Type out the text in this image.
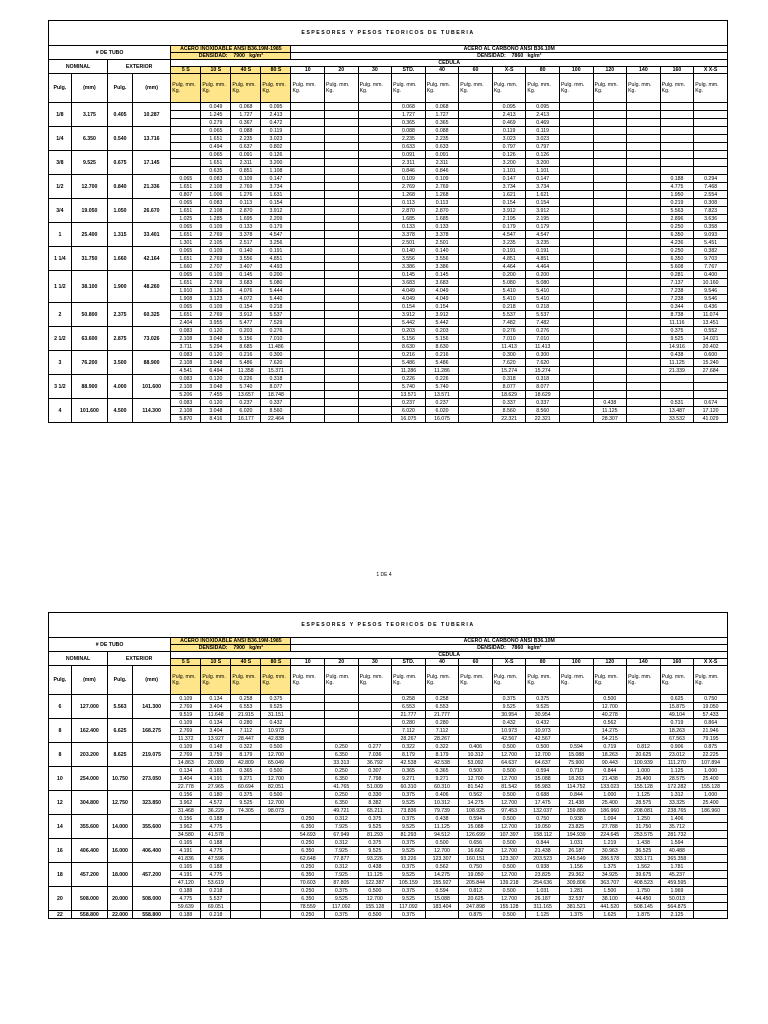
ESPESORES Y PESOS TEORICOS DE TUBERIA																				
# DE TUBO				ACERO INOXIDABLE ANSI B36.19M-1985				ACERO AL CARBONO ANSI B36.10M												
				DENSIDAD: 7900 kg/m³				DENSIDAD: 7860 kg/m³												
NOMINAL		EXTERIOR		CEDULA																
				5 S	10 S	40 S	80 S	10	20	30	STD.	40	60	X-S	80	100	120	140	160	X X-S
Pulg.	(mm)	Pulg.	(mm)	Pulg. mm. Kg.	Pulg. mm. Kg.	Pulg. mm. Kg.	Pulg. mm. Kg.	Pulg. mm. Kg.	Pulg. mm. Kg.	Pulg. mm. Kg.	Pulg. mm. Kg.	Pulg. mm. Kg.	Pulg. mm. Kg.	Pulg. mm. Kg.	Pulg. mm. Kg.	Pulg. mm. Kg.	Pulg. mm. Kg.	Pulg. mm. Kg.	Pulg. mm. Kg.	Pulg. mm. Kg.
1/8	3.175	0.405	10.287		0.049	0.068	0.095				0.068	0.068		0.095	0.095					
					1.245	1.727	2.413				1.727	1.727		2.413	2.413					
					0.279	0.367	0.472				0.365	0.365		0.469	0.469					
1/4	6.350	0.540	13.716		0.065	0.088	0.119				0.088	0.088		0.119	0.119					
					1.651	2.235	3.023				2.235	2.235		3.023	3.023					
					0.494	0.637	0.802				0.633	0.633		0.797	0.797					
3/8	9.525	0.675	17.145		0.065	0.091	0.126				0.091	0.091		0.126	0.126					
					1.651	2.311	3.200				2.311	2.311		3.200	3.200					
					0.635	0.851	1.108				0.846	0.846		1.101	1.101					
1/2	12.700	0.840	21.336	0.065	0.083	0.109	0.147				0.109	0.109		0.147	0.147				0.188	0.294
				1.651	2.108	2.769	3.734				2.769	2.769		3.734	3.734				4.775	7.468
				0.807	1.006	1.276	1.631				1.268	1.268		1.621	1.621				1.950	2.554
3/4	19.050	1.050	26.670	0.065	0.083	0.113	0.154				0.113	0.113		0.154	0.154				0.219	0.308
				1.651	2.108	2.870	3.912				2.870	2.870		3.912	3.912				5.563	7.823
				1.025	1.285	1.695	2.209				1.685	1.685		2.195	2.195				2.896	3.636
1	25.400	1.315	33.401	0.065	0.109	0.133	0.179				0.133	0.133		0.179	0.179				0.250	0.358
				1.651	2.769	3.378	4.547				3.378	3.378		4.547	4.547				6.350	9.093
				1.301	2.105	2.517	3.256				2.501	2.501		3.235	3.235				4.236	5.451
1 1/4	31.750	1.660	42.164	0.065	0.109	0.140	0.191				0.140	0.140		0.191	0.191				0.250	0.382
				1.651	2.769	3.556	4.851				3.556	3.556		4.851	4.851				6.350	9.703
				1.660	2.707	3.407	4.493				3.386	3.386		4.464	4.464				5.608	7.767
1 1/2	38.100	1.900	48.260	0.065	0.109	0.145	0.200				0.145	0.145		0.200	0.200				0.281	0.400
				1.651	2.769	3.683	5.080				3.683	3.683		5.080	5.080				7.137	10.160
				1.910	3.126	4.076	5.444				4.049	4.049		5.410	5.410				7.238	9.546
				1.908	3.123	4.072	5.440				4.049	4.049		5.410	5.410				7.238	9.546
2	50.800	2.375	60.325	0.065	0.109	0.154	0.218				0.154	0.154		0.218	0.218				0.344	0.436
				1.651	2.769	3.912	5.537				3.912	3.912		5.537	5.537				8.738	11.074
				2.404	3.955	5.477	7.529				5.442	5.442		7.482	7.482				11.116	13.451
2 1/2	63.600	2.875	73.026	0.083	0.120	0.203	0.276				0.203	0.203		0.276	0.276				0.375	0.552
				2.108	3.048	5.156	7.010				5.156	5.156		7.010	7.010				9.525	14.021
				3.711	5.294	8.685	11.486				8.630	8.630		11.413	11.413				14.916	20.402
3	76.200	3.500	88.900	0.083	0.120	0.216	0.300				0.216	0.216		0.300	0.300				0.438	0.600
				2.108	3.048	5.486	7.620				5.486	5.486		7.620	7.620				11.125	15.240
				4.541	6.494	11.358	15.371				11.286	11.286		15.274	15.274				21.339	27.684
3 1/2	88.900	4.000	101.600	0.083	0.120	0.226	0.318				0.226	0.226		0.318	0.318					
				2.108	3.048	5.740	8.077				5.740	5.740		8.077	8.077					
				5.206	7.455	13.657	18.748				13.571	13.571		18.629	18.629					
4	101.600	4.500	114.300	0.083	0.120	0.237	0.337				0.237	0.237		0.337	0.337		0.438		0.531	0.674
				2.108	3.048	6.020	8.560				6.020	6.020		8.560	8.560		11.125		13.487	17.120
				5.870	8.416	16.177	22.464				16.075	16.075		22.321	22.321		28.307		33.532	41.029
1 DE 4
ESPESORES Y PESOS TEORICOS DE TUBERIA																				
# DE TUBO				ACERO INOXIDABLE ANSI B36.19M-1985				ACERO AL CARBONO ANSI B36.10M												
				DENSIDAD: 7900 kg/m³				DENSIDAD: 7860 kg/m³												
NOMINAL		EXTERIOR		CEDULA																
				5 S	10 S	40 S	80 S	10	20	30	STD.	40	60	X-S	80	100	120	140	160	X X-S
Pulg.	(mm)	Pulg.	(mm)	Pulg. mm. Kg.	Pulg. mm. Kg.	Pulg. mm. Kg.	Pulg. mm. Kg.	Pulg. mm. Kg.	Pulg. mm. Kg.	Pulg. mm. Kg.	Pulg. mm. Kg.	Pulg. mm. Kg.	Pulg. mm. Kg.	Pulg. mm. Kg.	Pulg. mm. Kg.	Pulg. mm. Kg.	Pulg. mm. Kg.	Pulg. mm. Kg.	Pulg. mm. Kg.	Pulg. mm. Kg.
6	127.000	5.563	141.300	0.109	0.134	0.258	0.375				0.258	0.258		0.375	0.375		0.500		0.625	0.750
				2.769	3.404	6.553	9.525				6.553	6.553		9.525	9.525		12.700		15.875	19.050
				9.519	11.648	21.915	31.151				21.777	21.777		30.954	30.954		40.278		49.104	57.433
8	162.400	6.625	168.275	0.109	0.134	0.280	0.432				0.280	0.280		0.432	0.432		0.562		0.719	0.864
				2.769	3.404	7.112	10.973				7.112	7.112		10.973	10.973		14.275		18.263	21.946
				11.372	13.927	28.447	42.838				28.267	28.267		42.567	42.567		54.215		67.563	79.195
8	203.200	8.625	219.075	0.109	0.148	0.322	0.500		0.250	0.277	0.322	0.322	0.406	0.500	0.500	0.594	0.719	0.812	0.906	0.875
				2.769	3.759	8.179	12.700		6.350	7.036	8.179	8.179	10.312	12.700	12.700	15.088	18.263	20.625	23.012	22.225
				14.863	20.089	42.809	65.049		33.313	36.792	42.538	42.538	53.092	64.637	64.637	75.900	90.443	100.939	111.270	107.894
10	254.000	10.750	273.050	0.134	0.165	0.365	0.500		0.250	0.307	0.365	0.365	0.500	0.500	0.594	0.719	0.844	1.000	1.125	1.000
				3.404	4.191	9.271	12.700		6.350	7.798	9.271	9.271	12.700	12.700	15.088	18.263	21.438	25.400	28.575	25.400
				22.778	27.965	60.694	82.051		41.765	51.009	60.310	60.310	81.542	81.542	95.983	114.752	133.023	155.128	172.282	155.128
12	304.800	12.750	323.850	0.156	0.180	0.375	0.500		0.250	0.330	0.375	0.406	0.562	0.500	0.688	0.844	1.000	1.125	1.312	1.000
				3.962	4.572	9.525	12.700		6.350	8.382	9.525	10.312	14.275	12.700	17.475	21.438	25.400	28.575	33.325	25.400
				31.468	36.229	74.305	98.073		49.721	65.211	73.836	79.739	108.925	97.453	132.037	159.880	186.960	208.081	238.765	186.960
14	355.600	14.000	355.600	0.156	0.188			0.250	0.312	0.375	0.375	0.438	0.594	0.500	0.750	0.938	1.094	1.250	1.406	
				3.962	4.775			6.350	7.925	9.525	9.525	11.125	15.088	12.700	19.050	23.825	27.788	31.750	35.712	
				34.580	41.578			54.693	67.949	81.293	81.293	94.512	126.699	107.397	158.112	194.939	224.645	253.575	281.732	
16	406.400	16.000	406.400	0.165	0.188			0.250	0.312	0.375	0.375	0.500	0.656	0.500	0.844	1.031	1.219	1.438	1.594	
				4.191	4.775			6.350	7.925	9.525	9.525	12.700	16.662	12.700	21.438	26.187	30.963	36.525	40.488	
				41.836	47.596			62.648	77.877	93.226	93.226	123.307	160.151	123.307	203.523	245.549	286.578	333.171	365.358	
18	457.200	18.000	457.200	0.165	0.188			0.250	0.312	0.438	0.375	0.562	0.750	0.500	0.938	1.156	1.375	1.562	1.781	
				4.191	4.775			6.350	7.925	11.125	9.525	14.275	19.050	12.700	23.825	29.362	34.925	39.675	45.237	
				47.120	53.619			70.603	87.805	122.387	105.159	155.927	205.844	139.218	254.636	309.806	363.707	408.523	459.595	
20	508.000	20.000	508.000	0.188	0.218			0.250	0.375	0.500	0.375	0.594	0.812	0.500	1.031	1.281	1.500	1.750	1.969	
				4.775	5.537			6.350	9.525	12.700	9.525	15.088	20.625	12.700	26.187	32.537	38.100	44.450	50.013	
				59.639	69.051			78.559	117.092	155.128	117.092	183.404	247.898	155.128	311.165	381.521	441.520	508.145	564.875	
22	558.800	22.000	558.800	0.188	0.218			0.250	0.375	0.500	0.375		0.875	0.500	1.125	1.375	1.625	1.875	2.125	
